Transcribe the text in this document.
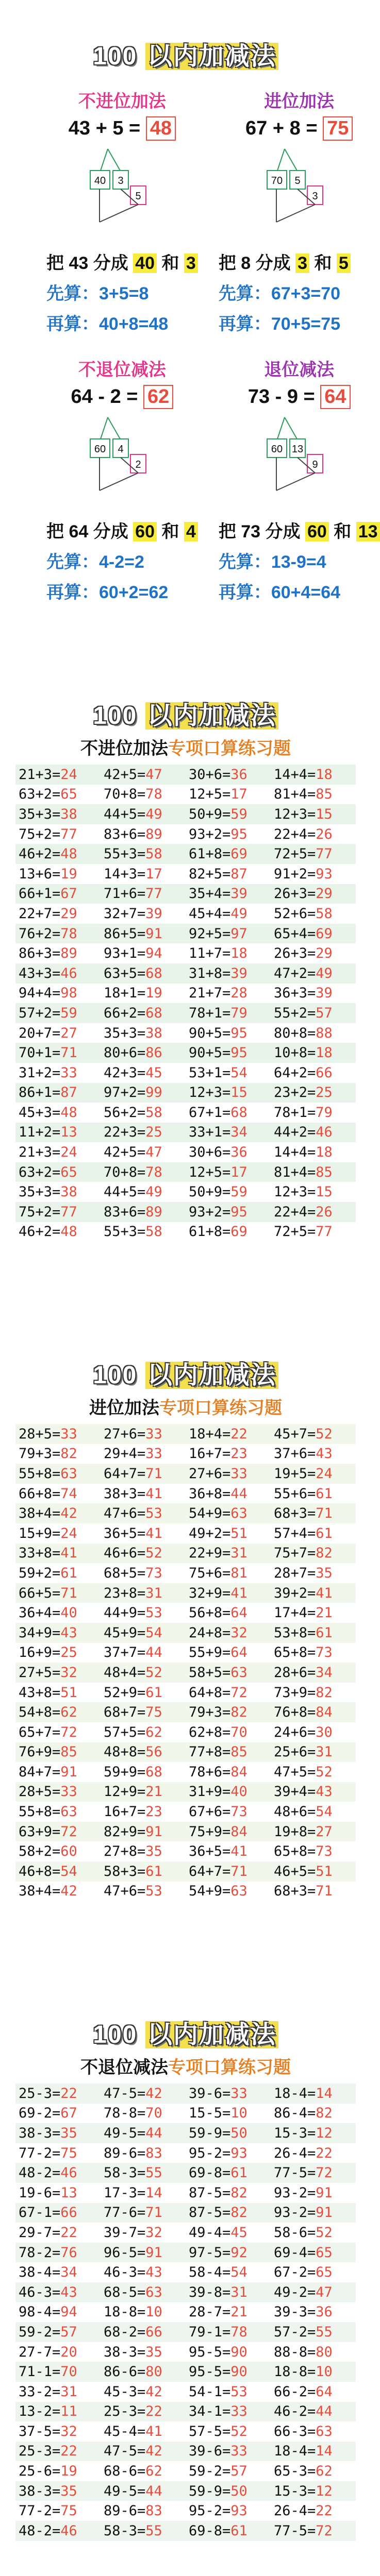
100 以内加减法
不进位加法
43 + 5 = 48
40 3
5
把 43 分成 40 和 3
先算：3+5=8
再算：40+8=48
进位加法
67 + 8 = 75
70 5
3
把 8 分成 3 和 5
先算：67+3=70
再算：70+5=75
不退位减法
64 - 2 = 62
60 4
2
把 64 分成 60 和 4
先算：4-2=2
再算：60+2=62
退位减法
73 - 9 = 64
60 13
9
把 73 分成 60 和 13
先算：13-9=4
再算：60+4=64
100 以内加减法
不进位加法专项口算练习题
21+3=24	42+5=47	30+6=36	14+4=18
63+2=65	70+8=78	12+5=17	81+4=85
35+3=38	44+5=49	50+9=59	12+3=15
75+2=77	83+6=89	93+2=95	22+4=26
46+2=48	55+3=58	61+8=69	72+5=77
13+6=19	14+3=17	82+5=87	91+2=93
66+1=67	71+6=77	35+4=39	26+3=29
22+7=29	32+7=39	45+4=49	52+6=58
76+2=78	86+5=91	92+5=97	65+4=69
86+3=89	93+1=94	11+7=18	26+3=29
43+3=46	63+5=68	31+8=39	47+2=49
94+4=98	18+1=19	21+7=28	36+3=39
57+2=59	66+2=68	78+1=79	55+2=57
20+7=27	35+3=38	90+5=95	80+8=88
70+1=71	80+6=86	90+5=95	10+8=18
31+2=33	42+3=45	53+1=54	64+2=66
86+1=87	97+2=99	12+3=15	23+2=25
45+3=48	56+2=58	67+1=68	78+1=79
11+2=13	22+3=25	33+1=34	44+2=46
21+3=24	42+5=47	30+6=36	14+4=18
63+2=65	70+8=78	12+5=17	81+4=85
35+3=38	44+5=49	50+9=59	12+3=15
75+2=77	83+6=89	93+2=95	22+4=26
46+2=48	55+3=58	61+8=69	72+5=77
100 以内加减法
进位加法专项口算练习题
28+5=33	27+6=33	18+4=22	45+7=52
79+3=82	29+4=33	16+7=23	37+6=43
55+8=63	64+7=71	27+6=33	19+5=24
66+8=74	38+3=41	36+8=44	55+6=61
38+4=42	47+6=53	54+9=63	68+3=71
15+9=24	36+5=41	49+2=51	57+4=61
33+8=41	46+6=52	22+9=31	75+7=82
59+2=61	68+5=73	75+6=81	28+7=35
66+5=71	23+8=31	32+9=41	39+2=41
36+4=40	44+9=53	56+8=64	17+4=21
34+9=43	45+9=54	24+8=32	53+8=61
16+9=25	37+7=44	55+9=64	65+8=73
27+5=32	48+4=52	58+5=63	28+6=34
43+8=51	52+9=61	64+8=72	73+9=82
54+8=62	68+7=75	79+3=82	76+8=84
65+7=72	57+5=62	62+8=70	24+6=30
76+9=85	48+8=56	77+8=85	25+6=31
84+7=91	59+9=68	78+6=84	47+5=52
28+5=33	12+9=21	31+9=40	39+4=43
55+8=63	16+7=23	67+6=73	48+6=54
63+9=72	82+9=91	75+9=84	19+8=27
58+2=60	27+8=35	36+5=41	65+8=73
46+8=54	58+3=61	64+7=71	46+5=51
38+4=42	47+6=53	54+9=63	68+3=71
100 以内加减法
不退位减法专项口算练习题
25-3=22	47-5=42	39-6=33	18-4=14
69-2=67	78-8=70	15-5=10	86-4=82
38-3=35	49-5=44	59-9=50	15-3=12
77-2=75	89-6=83	95-2=93	26-4=22
48-2=46	58-3=55	69-8=61	77-5=72
19-6=13	17-3=14	87-5=82	93-2=91
67-1=66	77-6=71	87-5=82	93-2=91
29-7=22	39-7=32	49-4=45	58-6=52
78-2=76	96-5=91	97-5=92	69-4=65
38-4=34	46-3=43	58-4=54	67-2=65
46-3=43	68-5=63	39-8=31	49-2=47
98-4=94	18-8=10	28-7=21	39-3=36
59-2=57	68-2=66	79-1=78	57-2=55
27-7=20	38-3=35	95-5=90	88-8=80
71-1=70	86-6=80	95-5=90	18-8=10
33-2=31	45-3=42	54-1=53	66-2=64
13-2=11	25-3=22	34-1=33	46-2=44
37-5=32	45-4=41	57-5=52	66-3=63
25-3=22	47-5=42	39-6=33	18-4=14
25-6=19	68-6=62	59-2=57	65-3=62
38-3=35	49-5=44	59-9=50	15-3=12
77-2=75	89-6=83	95-2=93	26-4=22
48-2=46	58-3=55	69-8=61	77-5=72
